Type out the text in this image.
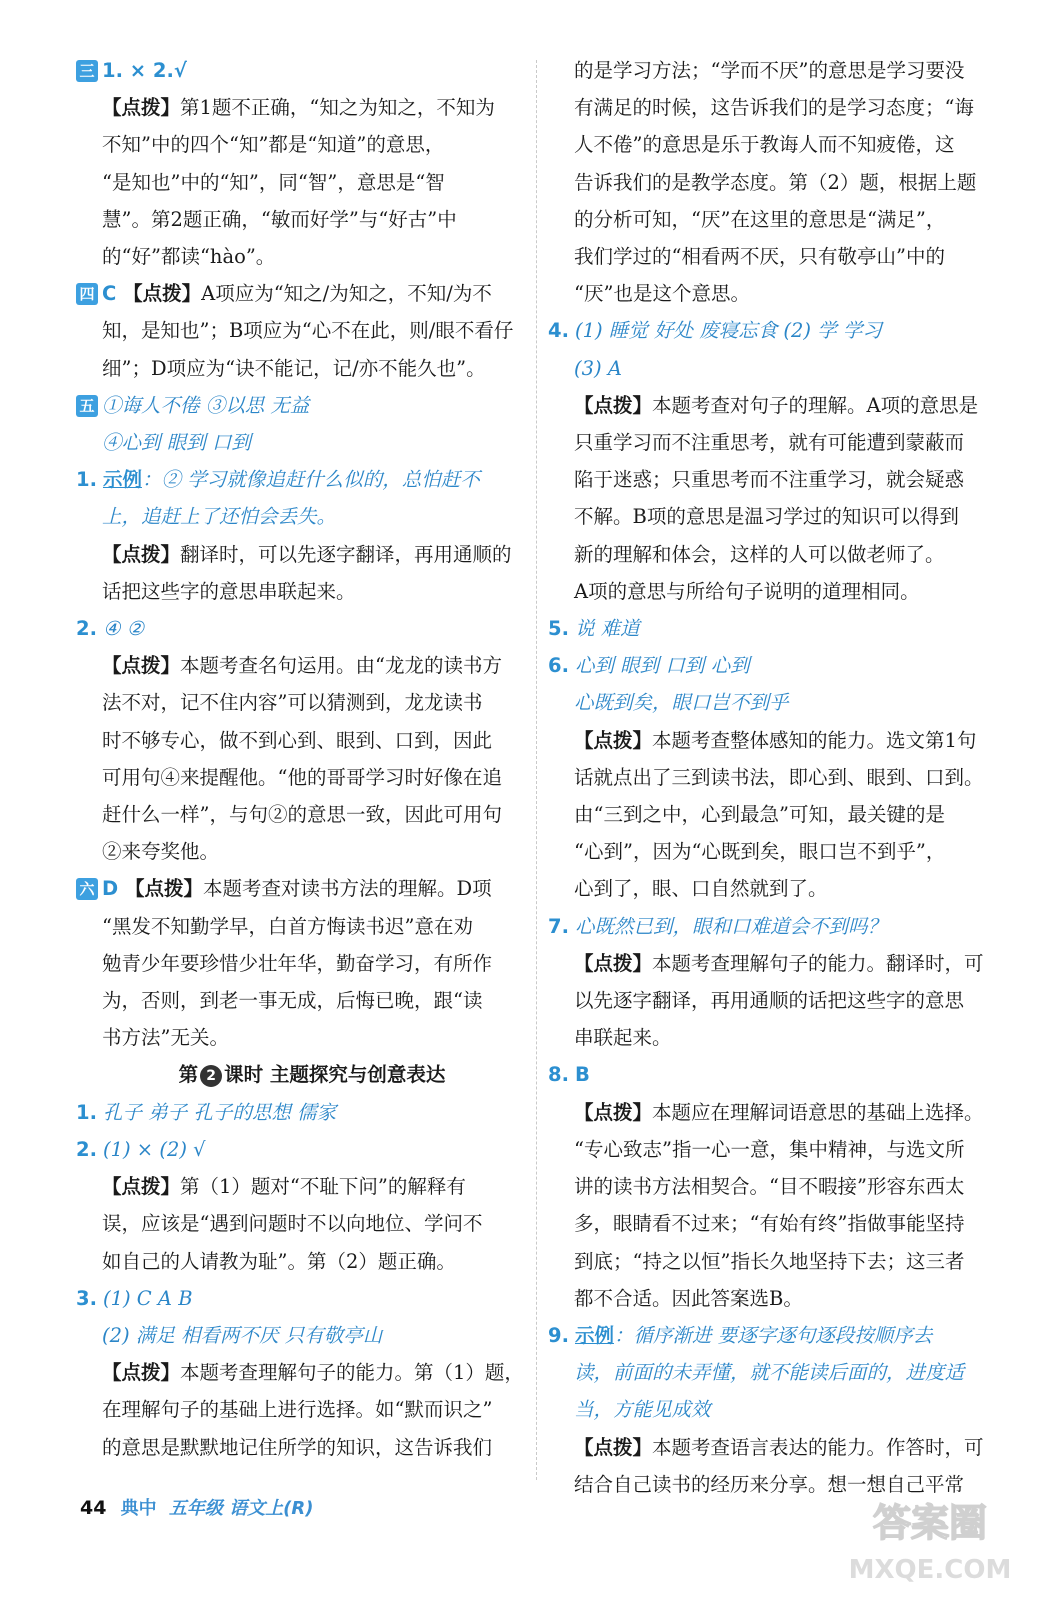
三 1. × 2.√
【点拨】第1题不正确，“知之为知之，不知为
不知”中的四个“知”都是“知道”的意思，
“是知也”中的“知”，同“智”，意思是“智
慧”。第2题正确，“敏而好学”与“好古”中
的“好”都读“hào”。
四 C 【点拨】A项应为“知之/为知之，不知/为不
知，是知也”；B项应为“心不在此，则/眼不看仔
细”；D项应为“诀不能记，记/亦不能久也”。
五 ①诲人不倦 ③以思 无益
④心到 眼到 口到
1. 示例：② 学习就像追赶什么似的，总怕赶不
上，追赶上了还怕会丢失。
【点拨】翻译时，可以先逐字翻译，再用通顺的
话把这些字的意思串联起来。
2. ④ ②
【点拨】本题考查名句运用。由“龙龙的读书方
法不对，记不住内容”可以猜测到，龙龙读书
时不够专心，做不到心到、眼到、口到，因此
可用句④来提醒他。“他的哥哥学习时好像在追
赶什么一样”，与句②的意思一致，因此可用句
②来夸奖他。
六 D 【点拨】本题考查对读书方法的理解。D项
“黑发不知勤学早，白首方悔读书迟”意在劝
勉青少年要珍惜少壮年华，勤奋学习，有所作
为，否则，到老一事无成，后悔已晚，跟“读
书方法”无关。
第 2 课时 主题探究与创意表达
1. 孔子 弟子 孔子的思想 儒家
2. (1) × (2) √
【点拨】第（1）题对“不耻下问”的解释有
误，应该是“遇到问题时不以向地位、学问不
如自己的人请教为耻”。第（2）题正确。
3. (1) C A B
(2) 满足 相看两不厌 只有敬亭山
【点拨】本题考查理解句子的能力。第（1）题，
在理解句子的基础上进行选择。如“默而识之”
的意思是默默地记住所学的知识，这告诉我们
的是学习方法；“学而不厌”的意思是学习要没
有满足的时候，这告诉我们的是学习态度；“诲
人不倦”的意思是乐于教诲人而不知疲倦，这
告诉我们的是教学态度。第（2）题，根据上题
的分析可知，“厌”在这里的意思是“满足”，
我们学过的“相看两不厌，只有敬亭山”中的
“厌”也是这个意思。
4. (1) 睡觉 好处 废寝忘食 (2) 学 学习
(3) A
【点拨】本题考查对句子的理解。A项的意思是
只重学习而不注重思考，就有可能遭到蒙蔽而
陷于迷惑；只重思考而不注重学习，就会疑惑
不解。B项的意思是温习学过的知识可以得到
新的理解和体会，这样的人可以做老师了。
A项的意思与所给句子说明的道理相同。
5. 说 难道
6. 心到 眼到 口到 心到
心既到矣，眼口岂不到乎
【点拨】本题考查整体感知的能力。选文第1句
话就点出了三到读书法，即心到、眼到、口到。
由“三到之中，心到最急”可知，最关键的是
“心到”，因为“心既到矣，眼口岂不到乎”，
心到了，眼、口自然就到了。
7. 心既然已到，眼和口难道会不到吗？
【点拨】本题考查理解句子的能力。翻译时，可
以先逐字翻译，再用通顺的话把这些字的意思
串联起来。
8. B
【点拨】本题应在理解词语意思的基础上选择。
“专心致志”指一心一意，集中精神，与选文所
讲的读书方法相契合。“目不暇接”形容东西太
多，眼睛看不过来；“有始有终”指做事能坚持
到底；“持之以恒”指长久地坚持下去；这三者
都不合适。因此答案选B。
9. 示例：循序渐进 要逐字逐句逐段按顺序去
读，前面的未弄懂，就不能读后面的，进度适
当，方能见成效
【点拨】本题考查语言表达的能力。作答时，可
结合自己读书的经历来分享。想一想自己平常
44 典中 五年级 语文上(R)	答案圈
MXQE.COM
